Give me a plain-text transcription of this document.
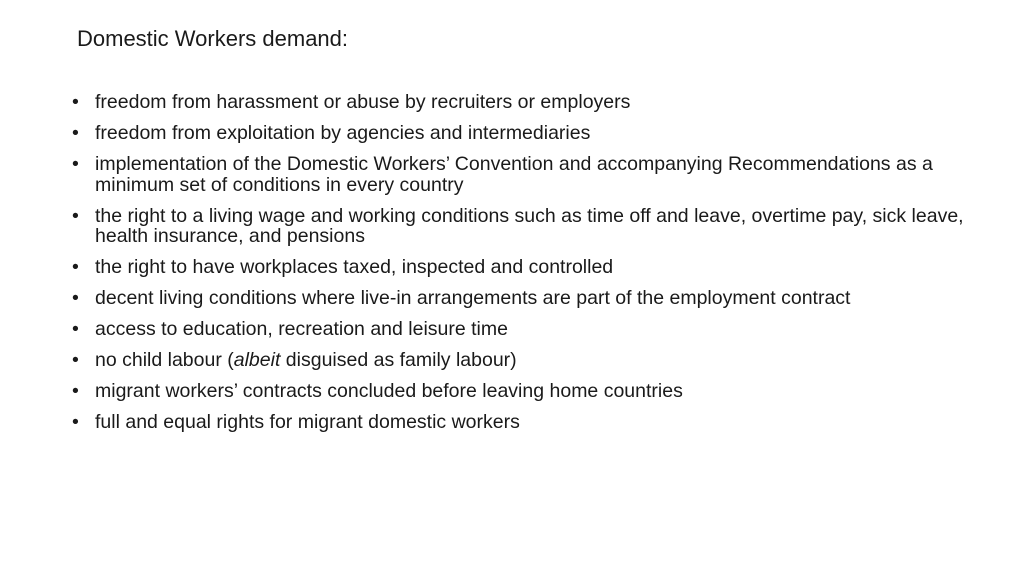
Domestic Workers demand:
• freedom from harassment or abuse by recruiters or employers
• freedom from exploitation by agencies and intermediaries
• implementation of the Domestic Workers’ Convention and accompanying Recommendations as a minimum set of conditions in every country
• the right to a living wage and working conditions such as time off and leave, overtime pay, sick leave, health insurance, and pensions
• the right to have workplaces taxed, inspected and controlled
• decent living conditions where live-in arrangements are part of the employment contract
• access to education, recreation and leisure time
• no child labour (albeit disguised as family labour)
• migrant workers’ contracts concluded before leaving home countries
• full and equal rights for migrant domestic workers
